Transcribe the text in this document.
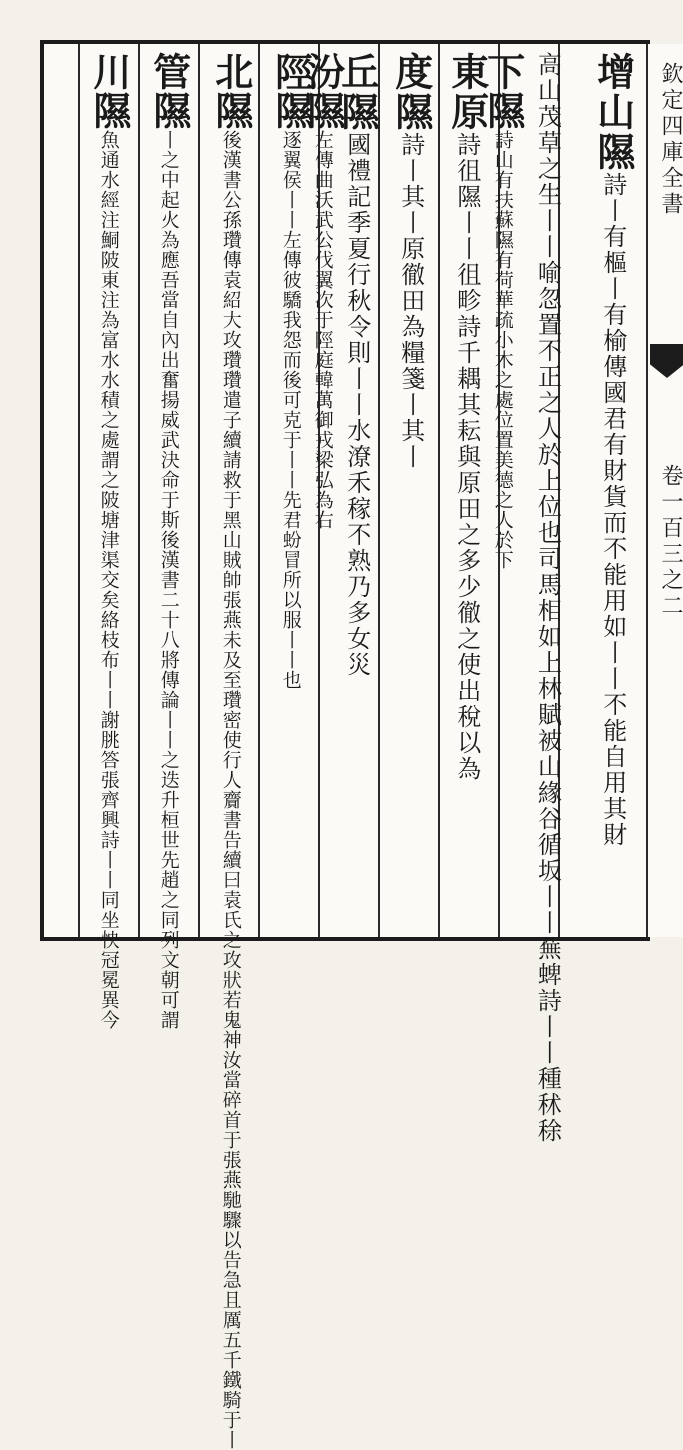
增山隰詩丨有樞丨有榆傳國君有財貨而不能用如丨丨不能自用其財
高山茂草之生丨丨喻忽置不正之人於上位也司馬相如上林賦被山緣谷循坂丨丨蕪蜱詩丨丨種秫稌
下隰詩山有扶蘇隰有荷華疏小木之處位置美德之人於下
東原詩徂隰丨丨徂畛詩千耦其耘與原田之多少徹之使出稅以為
度隰詩丨其丨原徹田為糧箋丨其丨
丘隰國禮記季夏行秋令則丨丨水潦禾稼不熟乃多女災
汾隰左傳曲沃武公伐翼次于陘庭韓萬御戎梁弘為右
陘隰逐翼侯丨丨左傳彼驕我怨而後可克于丨丨先君蚡冒所以服丨丨也
北隰後漢書公孫瓚傳袁紹大攻瓚瓚遣子續請救于黑山賊帥張燕未及至瓚密使行人齎書告續曰袁氏之攻狀若鬼神汝當碎首于張燕馳驟以告急且厲五千鐵騎于丨
管隰丨之中起火為應吾當自內出奮揚威武決命于斯後漢書二十八將傳論丨丨之迭升桓世先趙之同列文朝可謂
川隰魚通水經注鮦陂東注為富水水積之處謂之陂塘津渠交矣絡枝布丨丨謝朓答張齊興詩丨丨同坐怏冠冕異今	欽定四庫全書
卷一百三之二
